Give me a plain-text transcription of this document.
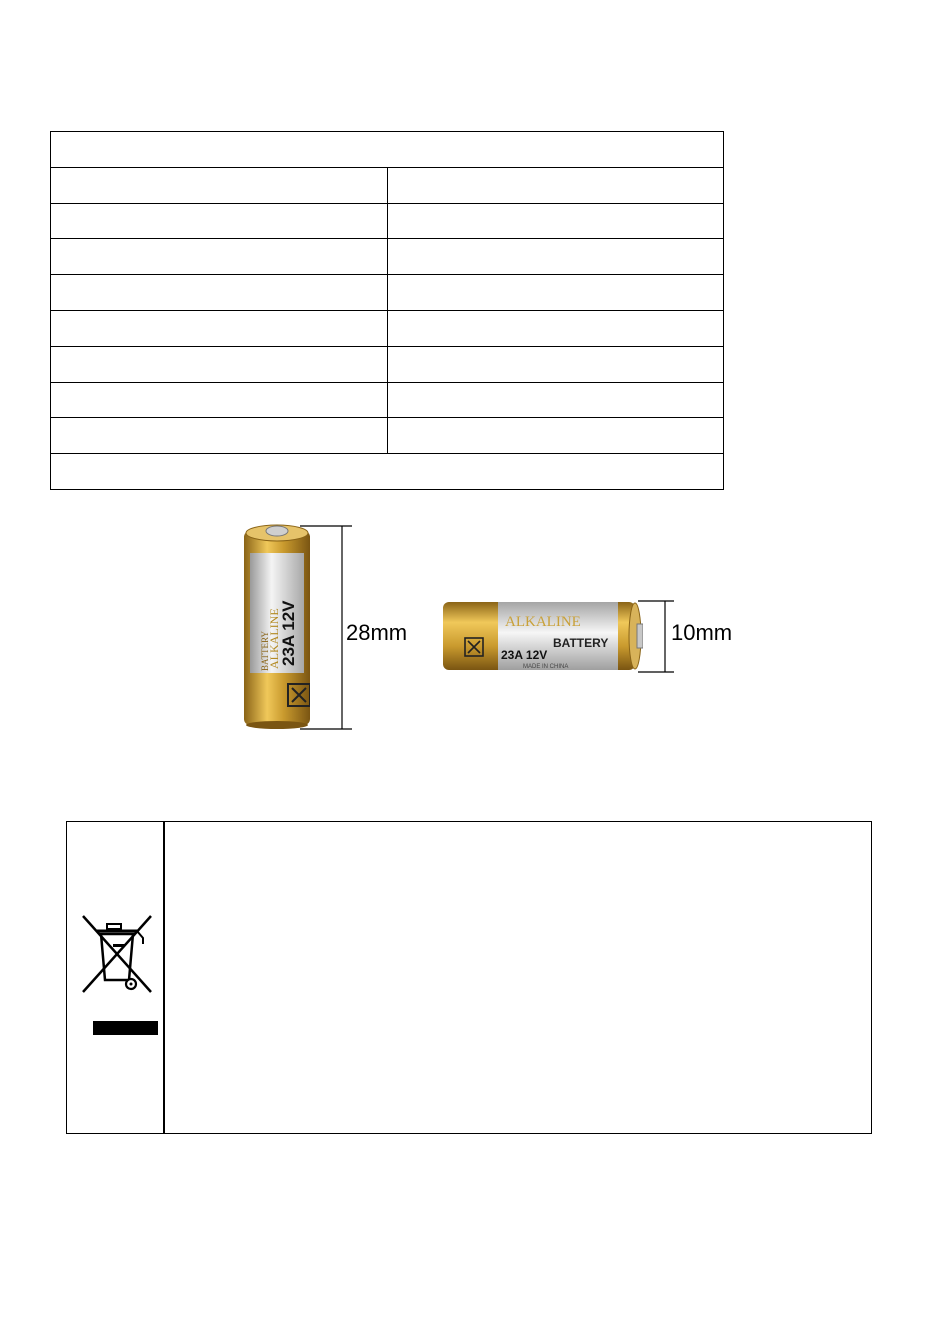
23A 12V
ALKALINE
BATTERY	28mm	ALKALINE
BATTERY
23A 12V
MADE IN CHINA
10mm
